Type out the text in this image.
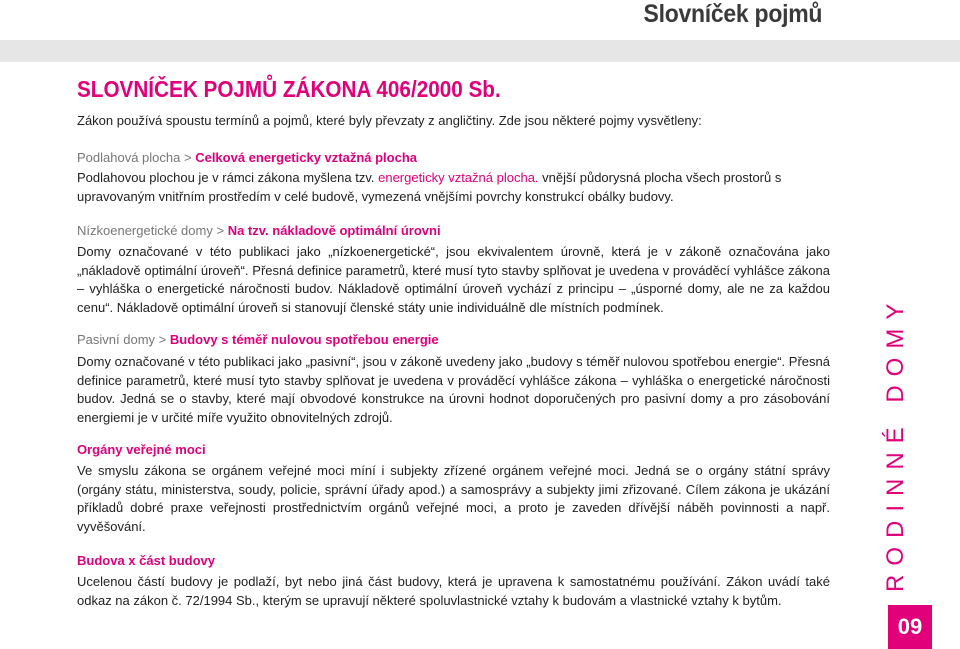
Slovníček pojmů
SLOVNÍČEK POJMŮ ZÁKONA 406/2000 Sb.

Zákon používá spoustu termínů a pojmů, které byly převzaty z angličtiny. Zde jsou některé pojmy vysvětleny:

Podlahová plocha > Celková energeticky vztažná plocha

Podlahovou plochou je v rámci zákona myšlena tzv. energeticky vztažná plocha. vnější půdorysná plocha všech prostorů s upravovaným vnitřním prostředím v celé budově, vymezená vnějšími povrchy konstrukcí obálky budovy.

Nízkoenergetické domy > Na tzv. nákladově optimální úrovni

Domy označované v této publikaci jako „nízkoenergetické“, jsou ekvivalentem úrovně, která je v zákoně označována jako „nákladově optimální úroveň“. Přesná definice parametrů, které musí tyto stavby splňovat je uvedena v prováděcí vyhlášce zákona – vyhláška o energetické náročnosti budov. Nákladově optimální úroveň vychází z principu – „úsporné domy, ale ne za každou cenu“. Nákladově optimální úroveň si stanovují členské státy unie individuálně dle místních podmínek.

Pasivní domy > Budovy s téměř nulovou spotřebou energie

Domy označované v této publikaci jako „pasivní“, jsou v zákoně uvedeny jako „budovy s téměř nulovou spotřebou energie“. Přesná definice parametrů, které musí tyto stavby splňovat je uvedena v prováděcí vyhlášce zákona – vyhláška o energetické náročnosti budov. Jedná se o stavby, které mají obvodové konstrukce na úrovni hodnot doporučených pro pasivní domy a pro zásobování energiemi je v určité míře využito obnovitelných zdrojů.

Orgány veřejné moci

Ve smyslu zákona se orgánem veřejné moci míní i subjekty zřízené orgánem veřejné moci. Jedná se o orgány státní správy (orgány státu, ministerstva, soudy, policie, správní úřady apod.) a samosprávy a subjekty jimi zřizované. Cílem zákona je ukázání příkladů dobré praxe veřejnosti prostřednictvím orgánů veřejné moci, a proto je zaveden dřívější náběh povinnosti a např. vyvěšování.

Budova x část budovy

Ucelenou částí budovy je podlaží, byt nebo jiná část budovy, která je upravena k samostatnému používání. Zákon uvádí také odkaz na zákon č. 72/1994 Sb., kterým se upravují některé spoluvlastnické vztahy k budovám a vlastnické vztahy k bytům.

RODINNÉ DOMY
09
